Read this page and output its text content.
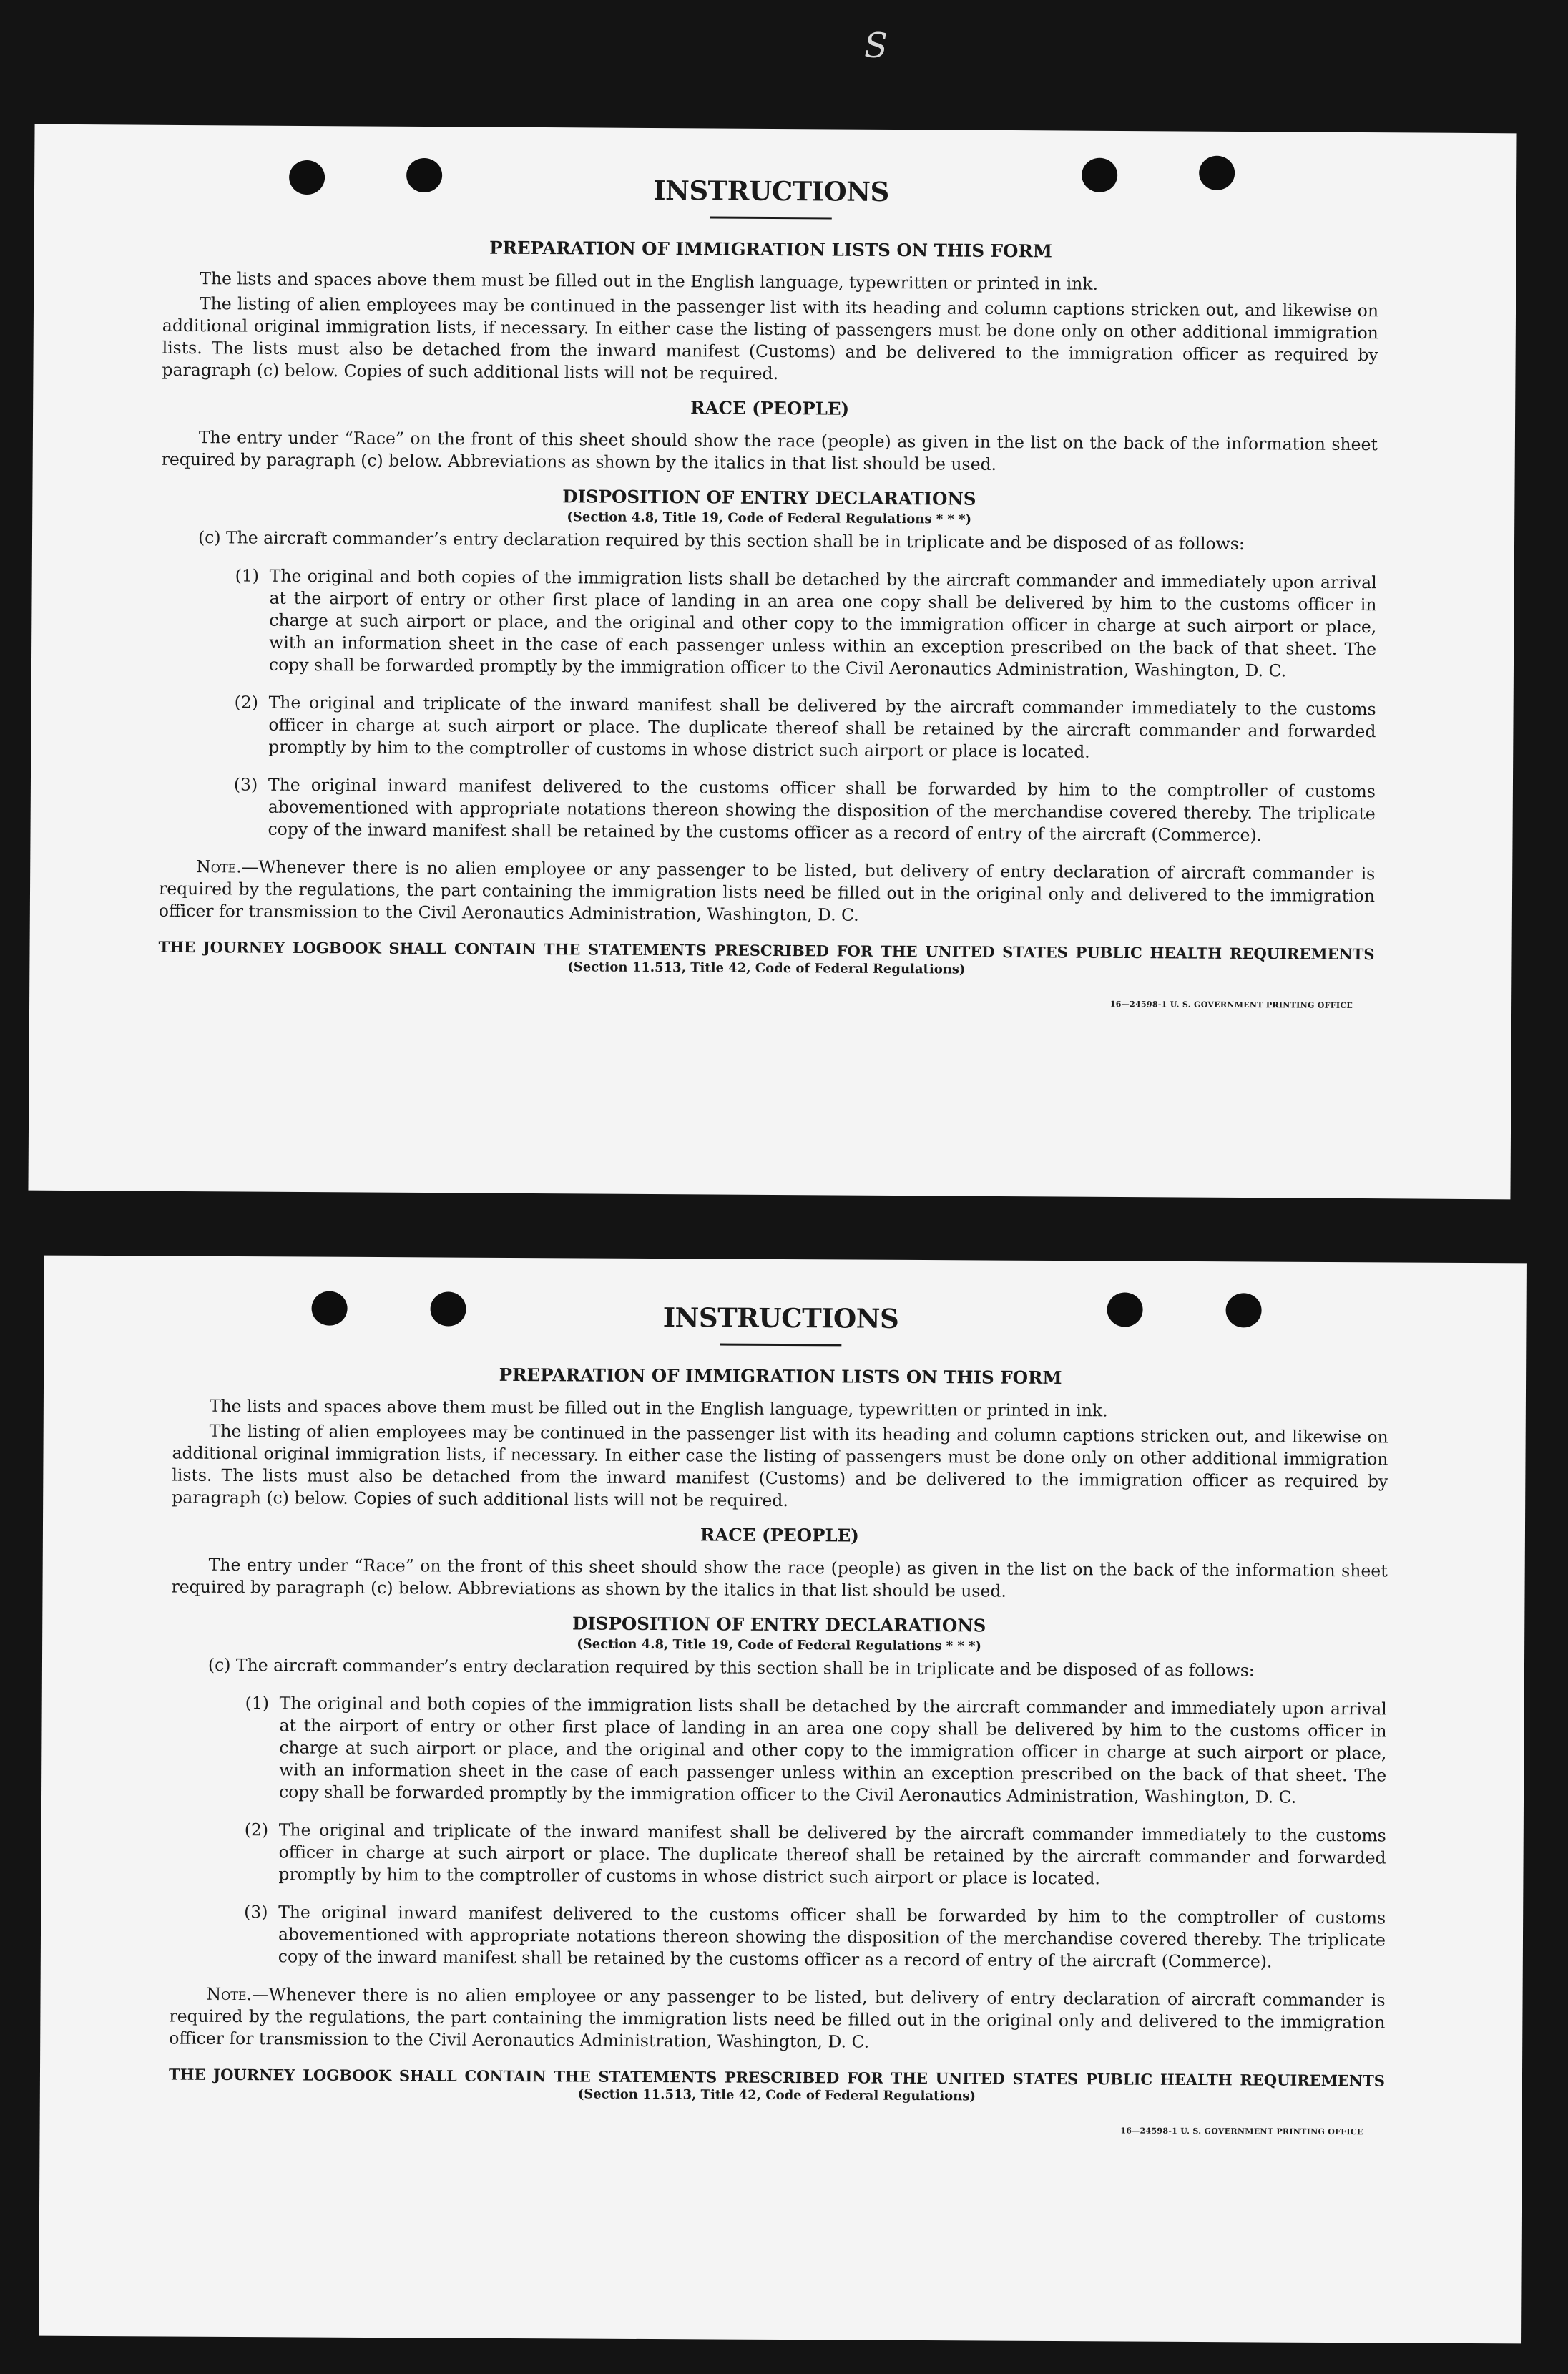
S
INSTRUCTIONS
PREPARATION OF IMMIGRATION LISTS ON THIS FORM

The lists and spaces above them must be filled out in the English language, typewritten or printed in ink.

The listing of alien employees may be continued in the passenger list with its heading and column captions stricken out, and likewise on additional original immigration lists, if necessary. In either case the listing of passengers must be done only on other additional immigration lists. The lists must also be detached from the inward manifest (Customs) and be delivered to the immigration officer as required by paragraph (c) below. Copies of such additional lists will not be required.

RACE (PEOPLE)

The entry under “Race” on the front of this sheet should show the race (people) as given in the list on the back of the information sheet required by paragraph (c) below. Abbreviations as shown by the italics in that list should be used.

DISPOSITION OF ENTRY DECLARATIONS

(Section 4.8, Title 19, Code of Federal Regulations * * *)

(c) The aircraft commander’s entry declaration required by this section shall be in triplicate and be disposed of as follows:

(1) The original and both copies of the immigration lists shall be detached by the aircraft commander and immediately upon arrival at the airport of entry or other first place of landing in an area one copy shall be delivered by him to the customs officer in charge at such airport or place, and the original and other copy to the immigration officer in charge at such airport or place, with an information sheet in the case of each passenger unless within an exception prescribed on the back of that sheet. The copy shall be forwarded promptly by the immigration officer to the Civil Aeronautics Administration, Washington, D. C.
(2) The original and triplicate of the inward manifest shall be delivered by the aircraft commander immediately to the customs officer in charge at such airport or place. The duplicate thereof shall be retained by the aircraft commander and forwarded promptly by him to the comptroller of customs in whose district such airport or place is located.
(3) The original inward manifest delivered to the customs officer shall be forwarded by him to the comptroller of customs abovementioned with appropriate notations thereon showing the disposition of the merchandise covered thereby. The triplicate copy of the inward manifest shall be retained by the customs officer as a record of entry of the aircraft (Commerce).

Note.—Whenever there is no alien employee or any passenger to be listed, but delivery of entry declaration of aircraft commander is required by the regulations, the part containing the immigration lists need be filled out in the original only and delivered to the immigration officer for transmission to the Civil Aeronautics Administration, Washington, D. C.

THE JOURNEY LOGBOOK SHALL CONTAIN THE STATEMENTS PRESCRIBED FOR THE UNITED STATES PUBLIC HEALTH REQUIREMENTS

(Section 11.513, Title 42, Code of Federal Regulations)

16—24598-1 U. S. GOVERNMENT PRINTING OFFICE

INSTRUCTIONS
PREPARATION OF IMMIGRATION LISTS ON THIS FORM

The lists and spaces above them must be filled out in the English language, typewritten or printed in ink.

The listing of alien employees may be continued in the passenger list with its heading and column captions stricken out, and likewise on additional original immigration lists, if necessary. In either case the listing of passengers must be done only on other additional immigration lists. The lists must also be detached from the inward manifest (Customs) and be delivered to the immigration officer as required by paragraph (c) below. Copies of such additional lists will not be required.

RACE (PEOPLE)

The entry under “Race” on the front of this sheet should show the race (people) as given in the list on the back of the information sheet required by paragraph (c) below. Abbreviations as shown by the italics in that list should be used.

DISPOSITION OF ENTRY DECLARATIONS

(Section 4.8, Title 19, Code of Federal Regulations * * *)

(c) The aircraft commander’s entry declaration required by this section shall be in triplicate and be disposed of as follows:

(1) The original and both copies of the immigration lists shall be detached by the aircraft commander and immediately upon arrival at the airport of entry or other first place of landing in an area one copy shall be delivered by him to the customs officer in charge at such airport or place, and the original and other copy to the immigration officer in charge at such airport or place, with an information sheet in the case of each passenger unless within an exception prescribed on the back of that sheet. The copy shall be forwarded promptly by the immigration officer to the Civil Aeronautics Administration, Washington, D. C.
(2) The original and triplicate of the inward manifest shall be delivered by the aircraft commander immediately to the customs officer in charge at such airport or place. The duplicate thereof shall be retained by the aircraft commander and forwarded promptly by him to the comptroller of customs in whose district such airport or place is located.
(3) The original inward manifest delivered to the customs officer shall be forwarded by him to the comptroller of customs abovementioned with appropriate notations thereon showing the disposition of the merchandise covered thereby. The triplicate copy of the inward manifest shall be retained by the customs officer as a record of entry of the aircraft (Commerce).

Note.—Whenever there is no alien employee or any passenger to be listed, but delivery of entry declaration of aircraft commander is required by the regulations, the part containing the immigration lists need be filled out in the original only and delivered to the immigration officer for transmission to the Civil Aeronautics Administration, Washington, D. C.

THE JOURNEY LOGBOOK SHALL CONTAIN THE STATEMENTS PRESCRIBED FOR THE UNITED STATES PUBLIC HEALTH REQUIREMENTS

(Section 11.513, Title 42, Code of Federal Regulations)

16—24598-1 U. S. GOVERNMENT PRINTING OFFICE
